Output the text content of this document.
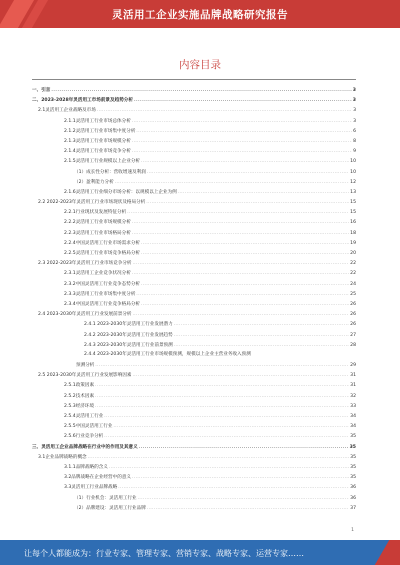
灵活用工企业实施品牌战略研究报告
内容目录
一、引言 .....	3
二、2023-2028年灵活用工市场前景及趋势分析 .....	3
2.1灵活用工企业战略及市场 .....	3
2.1.1灵活用工行业市场总体分析 .....	3
2.1.2灵活用工行业市场集中度分析 .....	6
2.1.3灵活用工行业市场规模分析 .....	8
2.1.4灵活用工行业市场竞争分析 .....	9
2.1.5灵活用工行业规模以上企业分析 .....	10
（1）成长性分析：营收增速及利润 .....	10
（2）盈利能力分析 .....	12
2.1.6灵活用工行业细分市场分析：以规模以上企业为例 .....	13
2.2 2022-2023年灵活用工行业市场现状及格局分析 .....	15
2.2.1行业现状及发展特征分析 .....	15
2.2.2灵活用工行业市场规模分析 .....	16
2.2.3灵活用工行业市场格局分析 .....	18
2.2.4中国灵活用工行业市场需求分析 .....	19
2.2.5灵活用工行业市场竞争格局分析 .....	20
2.3 2022-2023年灵活用工行业市场竞争分析 .....	22
2.3.1灵活用工企业竞争状况分析 .....	22
2.3.2中国灵活用工行业竞争态势分析 .....	24
2.3.3灵活用工行业市场集中度分析 .....	25
2.3.4中国灵活用工行业竞争格局分析 .....	26
2.4 2023-2030年灵活用工行业发展前景分析 .....	26
2.4.1 2023-2030年灵活用工行业发展潜力 .....	26
2.4.2 2023-2030年灵活用工行业发展趋势 .....	27
2.4.3 2023-2030年灵活用工行业前景预测 .....	28
2.4.4 2023-2030年灵活用工行业市场规模预测，规模以上企业主营业务收入预测
预测分析 .....	29
2.5 2023-2030年灵活用工行业发展影响因素 .....	31
2.5.1政策因素 .....	31
2.5.2技术因素 .....	32
2.5.3经济环境 .....	33
2.5.4灵活用工行业 .....	34
2.5.5中国灵活用工行业 .....	34
2.5.6行业竞争分析 .....	35
三、灵活用工企业品牌战略在行业中的作用及其意义 .....	35
3.1企业品牌战略的概念 .....	35
3.1.1品牌战略的含义 .....	35
3.2品牌战略在企业经营中的意义 .....	35
3.3灵活用工行业品牌战略 .....	36
（1）行业机会：灵活用工行业 .....	36
（2）品牌建设：灵活用工行业品牌 .....	37
1
让每个人都能成为：行业专家、管理专家、营销专家、战略专家、运营专家……
